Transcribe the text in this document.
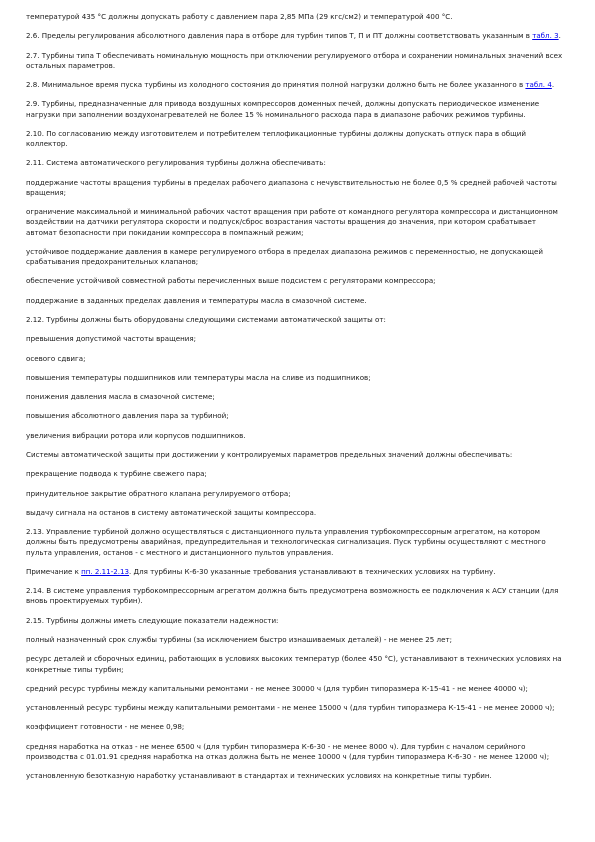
температурой 435 °С должны допускать работу с давлением пара 2,85 МПа (29 кгс/см2) и температурой 400 °С.

2.6. Пределы регулирования абсолютного давления пара в отборе для турбин типов Т, П и ПТ должны соответствовать указанным в табл. 3.

2.7. Турбины типа Т обеспечивать номинальную мощность при отключении регулируемого отбора и сохранении номинальных значений всех остальных параметров.

2.8. Минимальное время пуска турбины из холодного состояния до принятия полной нагрузки должно быть не более указанного в табл. 4.

2.9. Турбины, предназначенные для привода воздушных компрессоров доменных печей, должны допускать периодическое изменение нагрузки при заполнении воздухонагревателей не более 15 % номинального расхода пара в диапазоне рабочих режимов турбины.

2.10. По согласованию между изготовителем и потребителем теплофикационные турбины должны допускать отпуск пара в общий коллектор.

2.11. Система автоматического регулирования турбины должна обеспечивать:

поддержание частоты вращения турбины в пределах рабочего диапазона с нечувствительностью не более 0,5 % средней рабочей частоты вращения;

ограничение максимальной и минимальной рабочих частот вращения при работе от командного регулятора компрессора и дистанционном воздействии на датчики регулятора скорости и подпуск/сброс возрастания частоты вращения до значения, при котором срабатывает автомат безопасности при покидании компрессора в помпажный режим;

устойчивое поддержание давления в камере регулируемого отбора в пределах диапазона режимов с переменностью, не допускающей срабатывания предохранительных клапанов;

обеспечение устойчивой совместной работы перечисленных выше подсистем с регуляторами компрессора;

поддержание в заданных пределах давления и температуры масла в смазочной системе.

2.12. Турбины должны быть оборудованы следующими системами автоматической защиты от:

превышения допустимой частоты вращения;

осевого сдвига;

повышения температуры подшипников или температуры масла на сливе из подшипников;

понижения давления масла в смазочной системе;

повышения абсолютного давления пара за турбиной;

увеличения вибрации ротора или корпусов подшипников.

Системы автоматической защиты при достижении у контролируемых параметров предельных значений должны обеспечивать:

прекращение подвода к турбине свежего пара;

принудительное закрытие обратного клапана регулируемого отбора;

выдачу сигнала на останов в систему автоматической защиты компрессора.

2.13. Управление турбиной должно осуществляться с дистанционного пульта управления турбокомпрессорным агрегатом, на котором должны быть предусмотрены аварийная, предупредительная и технологическая сигнализация. Пуск турбины осуществляют с местного пульта управления, останов - с местного и дистанционного пультов управления.

Примечание к пп. 2.11-2.13. Для турбины К-6-30 указанные требования устанавливают в технических условиях на турбину.

2.14. В системе управления турбокомпрессорным агрегатом должна быть предусмотрена возможность ее подключения к АСУ станции (для вновь проектируемых турбин).

2.15. Турбины должны иметь следующие показатели надежности:

полный назначенный срок службы турбины (за исключением быстро изнашиваемых деталей) - не менее 25 лет;

ресурс деталей и сборочных единиц, работающих в условиях высоких температур (более 450 °С), устанавливают в технических условиях на конкретные типы турбин;

средний ресурс турбины между капитальными ремонтами - не менее 30000 ч (для турбин типоразмера К-15-41 - не менее 40000 ч);

установленный ресурс турбины между капитальными ремонтами - не менее 15000 ч (для турбин типоразмера К-15-41 - не менее 20000 ч);

коэффициент готовности - не менее 0,98;

средняя наработка на отказ - не менее 6500 ч (для турбин типоразмера К-6-30 - не менее 8000 ч). Для турбин с началом серийного производства с 01.01.91 средняя наработка на отказ должна быть не менее 10000 ч (для турбин типоразмера К-6-30 - не менее 12000 ч);

установленную безотказную наработку устанавливают в стандартах и технических условиях на конкретные типы турбин.
